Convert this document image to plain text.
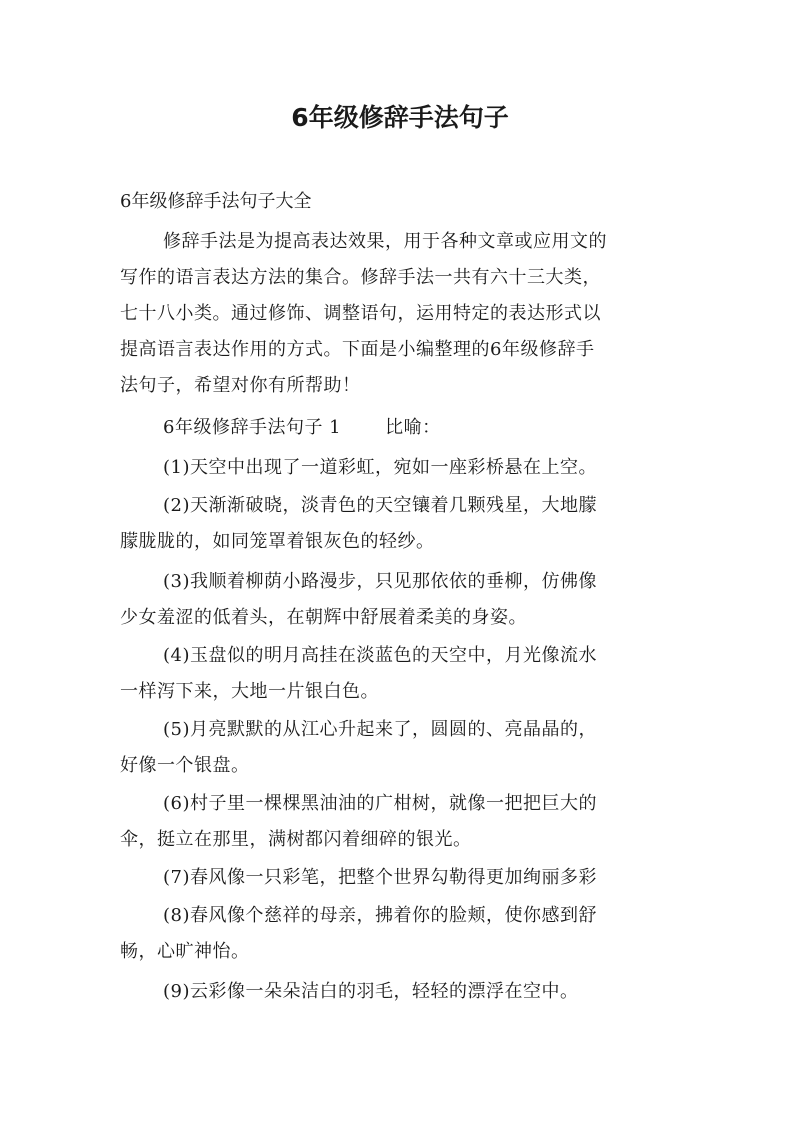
6年级修辞手法句子

6年级修辞手法句子大全

修辞手法是为提高表达效果，用于各种文章或应用文的

写作的语言表达方法的集合。修辞手法一共有六十三大类，

七十八小类。通过修饰、调整语句，运用特定的表达形式以

提高语言表达作用的方式。下面是小编整理的6年级修辞手

法句子，希望对你有所帮助！

6年级修辞手法句子 1 比喻：

(1)天空中出现了一道彩虹，宛如一座彩桥悬在上空。

(2)天渐渐破晓，淡青色的天空镶着几颗残星，大地朦

朦胧胧的，如同笼罩着银灰色的轻纱。

(3)我顺着柳荫小路漫步，只见那依依的垂柳，仿佛像

少女羞涩的低着头，在朝辉中舒展着柔美的身姿。

(4)玉盘似的明月高挂在淡蓝色的天空中，月光像流水

一样泻下来，大地一片银白色。

(5)月亮默默的从江心升起来了，圆圆的、亮晶晶的，

好像一个银盘。

(6)村子里一棵棵黑油油的广柑树，就像一把把巨大的

伞，挺立在那里，满树都闪着细碎的银光。

(7)春风像一只彩笔，把整个世界勾勒得更加绚丽多彩

(8)春风像个慈祥的母亲，拂着你的脸颊，使你感到舒

畅，心旷神怡。

(9)云彩像一朵朵洁白的羽毛，轻轻的漂浮在空中。
